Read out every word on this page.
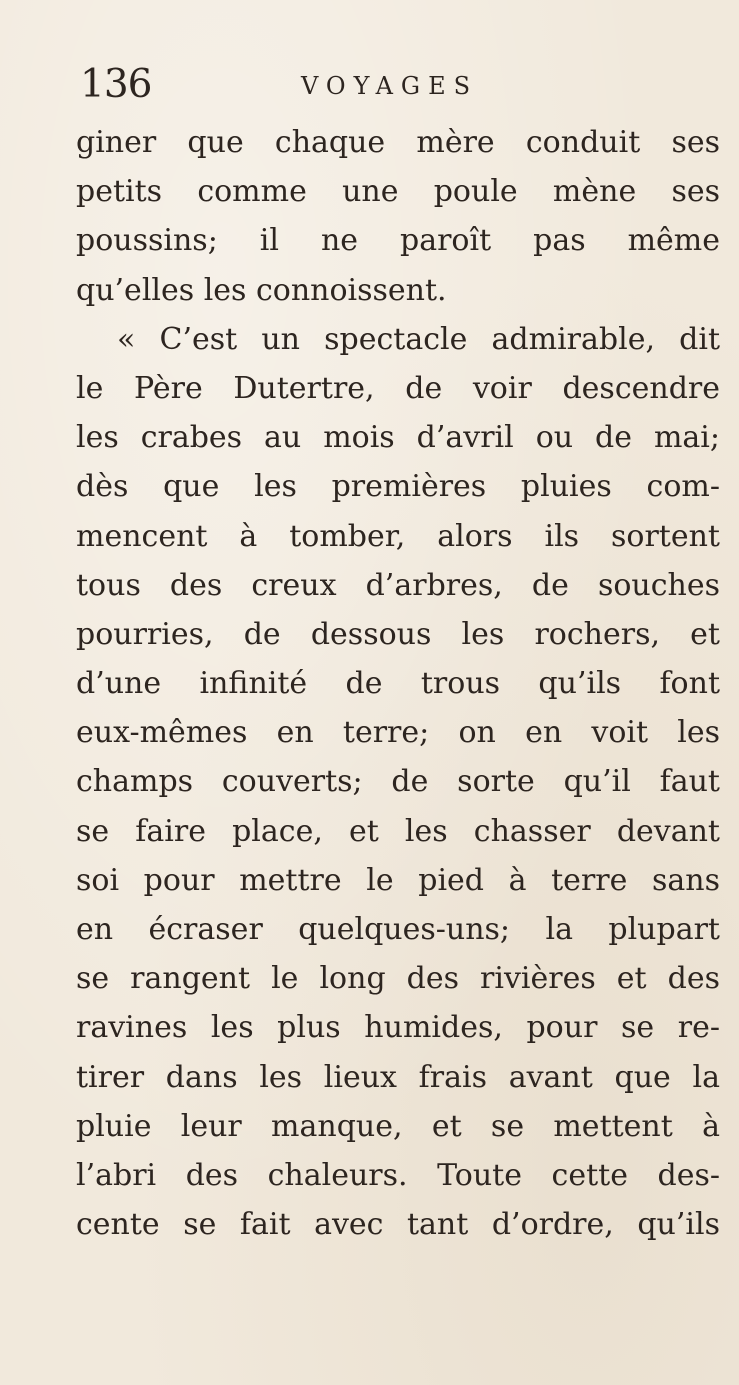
136	VOYAGES
giner que chaque mère conduit ses
petits comme une poule mène ses
poussins; il ne paroît pas même
qu’elles les connoissent.
« C’est un spectacle admirable, dit
le Père Dutertre, de voir descendre
les crabes au mois d’avril ou de mai;
dès que les premières pluies com-
mencent à tomber, alors ils sortent
tous des creux d’arbres, de souches
pourries, de dessous les rochers, et
d’une infinité de trous qu’ils font
eux-mêmes en terre; on en voit les
champs couverts; de sorte qu’il faut
se faire place, et les chasser devant
soi pour mettre le pied à terre sans
en écraser quelques-uns; la plupart
se rangent le long des rivières et des
ravines les plus humides, pour se re-
tirer dans les lieux frais avant que la
pluie leur manque, et se mettent à
l’abri des chaleurs. Toute cette des-
cente se fait avec tant d’ordre, qu’ils
